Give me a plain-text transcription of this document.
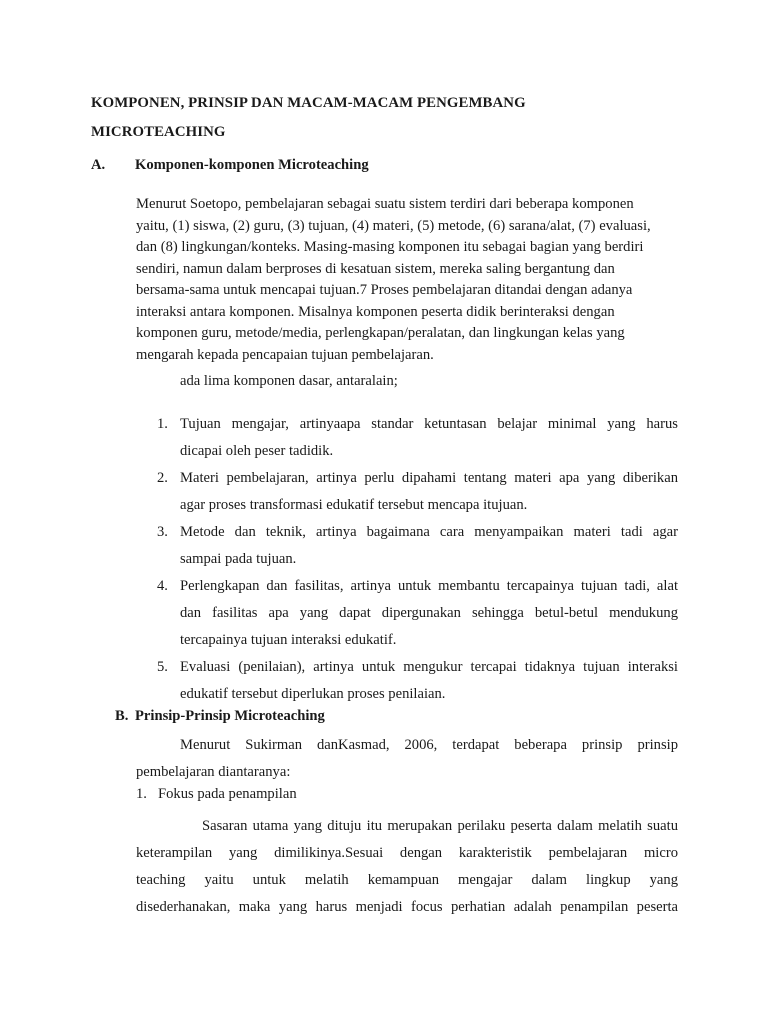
KOMPONEN, PRINSIP DAN MACAM-MACAM PENGEMBANG
MICROTEACHING
A. Komponen-komponen Microteaching
Menurut Soetopo, pembelajaran sebagai suatu sistem terdiri dari beberapa komponen
yaitu, (1) siswa, (2) guru, (3) tujuan, (4) materi, (5) metode, (6) sarana/alat, (7) evaluasi,
dan (8) lingkungan/konteks. Masing-masing komponen itu sebagai bagian yang berdiri
sendiri, namun dalam berproses di kesatuan sistem, mereka saling bergantung dan
bersama-sama untuk mencapai tujuan.7 Proses pembelajaran ditandai dengan adanya
interaksi antara komponen. Misalnya komponen peserta didik berinteraksi dengan
komponen guru, metode/media, perlengkapan/peralatan, dan lingkungan kelas yang
mengarah kepada pencapaian tujuan pembelajaran.
ada lima komponen dasar, antaralain;
1. Tujuan mengajar, artinyaapa standar ketuntasan belajar minimal yang harus
dicapai oleh peser tadidik.
2. Materi pembelajaran, artinya perlu dipahami tentang materi apa yang diberikan
agar proses transformasi edukatif tersebut mencapa itujuan.
3. Metode dan teknik, artinya bagaimana cara menyampaikan materi tadi agar
sampai pada tujuan.
4. Perlengkapan dan fasilitas, artinya untuk membantu tercapainya tujuan tadi, alat
dan fasilitas apa yang dapat dipergunakan sehingga betul-betul mendukung
tercapainya tujuan interaksi edukatif.
5. Evaluasi (penilaian), artinya untuk mengukur tercapai tidaknya tujuan interaksi
edukatif tersebut diperlukan proses penilaian.
B. Prinsip-Prinsip Microteaching
Menurut Sukirman danKasmad, 2006, terdapat beberapa prinsip prinsip
pembelajaran diantaranya:
1. Fokus pada penampilan
Sasaran utama yang dituju itu merupakan perilaku peserta dalam melatih suatu
keterampilan yang dimilikinya.Sesuai dengan karakteristik pembelajaran micro
teaching yaitu untuk melatih kemampuan mengajar dalam lingkup yang
disederhanakan, maka yang harus menjadi focus perhatian adalah penampilan peserta
